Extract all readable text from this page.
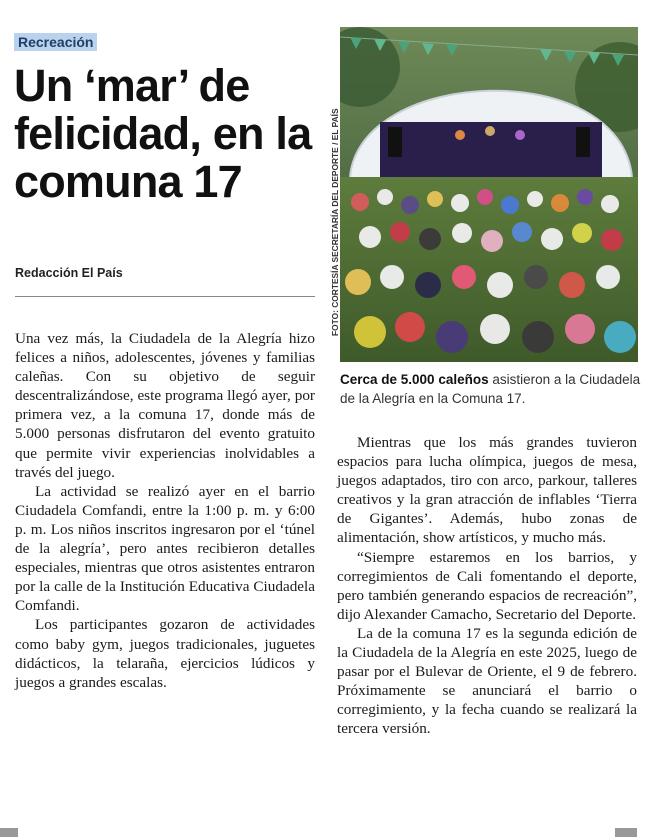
Recreación
Un ‘mar’ de felicidad, en la comuna 17
Redacción El País	FOTO: CORTESÍA SECRETARÍA DEL DEPORTE / EL PAÍS
Cerca de 5.000 caleños asistieron a la Ciudadela de la Alegría en la Comuna 17.

Una vez más, la Ciudadela de la Alegría hizo felices a niños, adolescentes, jóvenes y familias caleñas. Con su objetivo de seguir descentralizándose, este programa llegó ayer, por primera vez, a la comuna 17, donde más de 5.000 personas disfrutaron del evento gratuito que permite vivir experiencias inolvidables a través del juego.

La actividad se realizó ayer en el barrio Ciudadela Comfandi, entre la 1:00 p. m. y 6:00 p. m. Los niños inscritos ingresaron por el ‘túnel de la alegría’, pero antes recibieron detalles especiales, mientras que otros asistentes entraron por la calle de la Institución Educativa Ciudadela Comfandi.

Los participantes gozaron de actividades como baby gym, juegos tradicionales, juguetes didácticos, la telaraña, ejercicios lúdicos y juegos a grandes escalas.

Mientras que los más grandes tuvieron espacios para lucha olímpica, juegos de mesa, juegos adaptados, tiro con arco, parkour, talleres creativos y la gran atracción de inflables ‘Tierra de Gigantes’. Además, hubo zonas de alimentación, show artísticos, y mucho más.

“Siempre estaremos en los barrios, y corregimientos de Cali fomentando el deporte, pero también generando espacios de recreación”, dijo Alexander Camacho, Secretario del Deporte.

La de la comuna 17 es la segunda edición de la Ciudadela de la Alegría en este 2025, luego de pasar por el Bulevar de Oriente, el 9 de febrero. Próximamente se anunciará el barrio o corregimiento, y la fecha cuando se realizará la tercera versión.
